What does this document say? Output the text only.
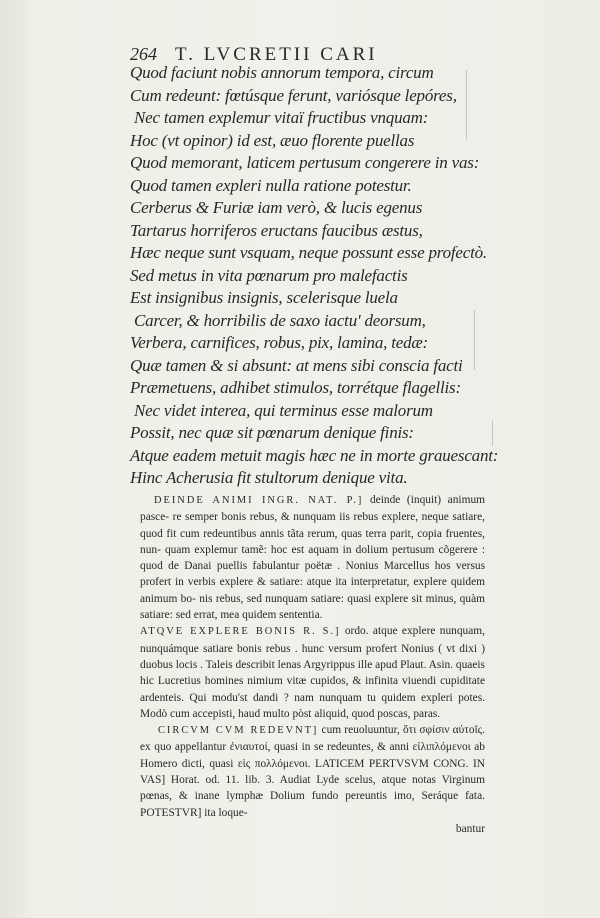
264 T. LVCRETII CARI
Quod faciunt nobis annorum tempora, circum
Cum redeunt: fœtúsque ferunt, variósque lepóres,
Nec tamen explemur vitaï fructibus vnquam:
Hoc (vt opinor) id est, æuo florente puellas
Quod memorant, laticem pertusum congerere in vas:
Quod tamen expleri nulla ratione potestur.
Cerberus & Furiæ iam verò, & lucis egenus
Tartarus horriferos eructans faucibus æstus,
Hæc neque sunt vsquam, neque possunt esse profectò.
Sed metus in vita pœnarum pro malefactis
Est insignibus insignis, scelerisque luela
Carcer, & horribilis de saxo iactu' deorsum,
Verbera, carnifices, robus, pix, lamina, tedæ:
Quæ tamen & si absunt: at mens sibi conscia facti
Præmetuens, adhibet stimulos, torrétque flagellis:
Nec videt interea, qui terminus esse malorum
Possit, nec quæ sit pœnarum denique finis:
Atque eadem metuit magis hæc ne in morte grauescant:
Hinc Acherusia fit stultorum denique vita.

DEINDE ANIMI INGR. NAT. P.] deinde (inquit) animum pasce- re semper bonis rebus, & nunquam iis rebus explere, neque satiare, quod fit cum redeuntibus annis tãta rerum, quas terra parit, copia fruentes, nun- quam explemur tamẽ: hoc est aquam in dolium pertusum cõgerere : quod de Danai puellis fabulantur poëtæ . Nonius Marcellus hos versus profert in verbis explere & satiare: atque ita interpretatur, explere quidem animum bo- nis rebus, sed nunquam satiare: quasi explere sit minus, quàm satiare: sed errat, mea quidem sententia.

ATQVE EXPLERE BONIS R. S.] ordo. atque explere nunquam, nunquámque satiare bonis rebus . hunc versum profert Nonius ( vt dixi ) duobus locis . Taleis describit lenas Argyrippus ille apud Plaut. Asin. quaeis hic Lucretius homines nimium vitæ cupidos, & infinita viuendi cupiditate ardenteis. Qui modu'st dandi ? nam nunquam tu quidem expleri potes. Modò cum accepisti, haud multo pòst aliquid, quod poscas, paras.

CIRCVM CVM REDEVNT] cum reuoluuntur, ὅτι σφίσιν αὐτοῖς. ex quo appellantur ἐνιαυτοί, quasi in se redeuntes, & anni εἰλιπλόμενοι ab Homero dicti, quasi εἰς πολλόμενοι. LATICEM PERTVSVM CONG. IN VAS] Horat. od. 11. lib. 3. Audiat Lyde scelus, atque notas Virginum pœnas, & inane lymphæ Dolium fundo pereuntis imo, Seráque fata. POTESTVR] ita loque-

bantur
